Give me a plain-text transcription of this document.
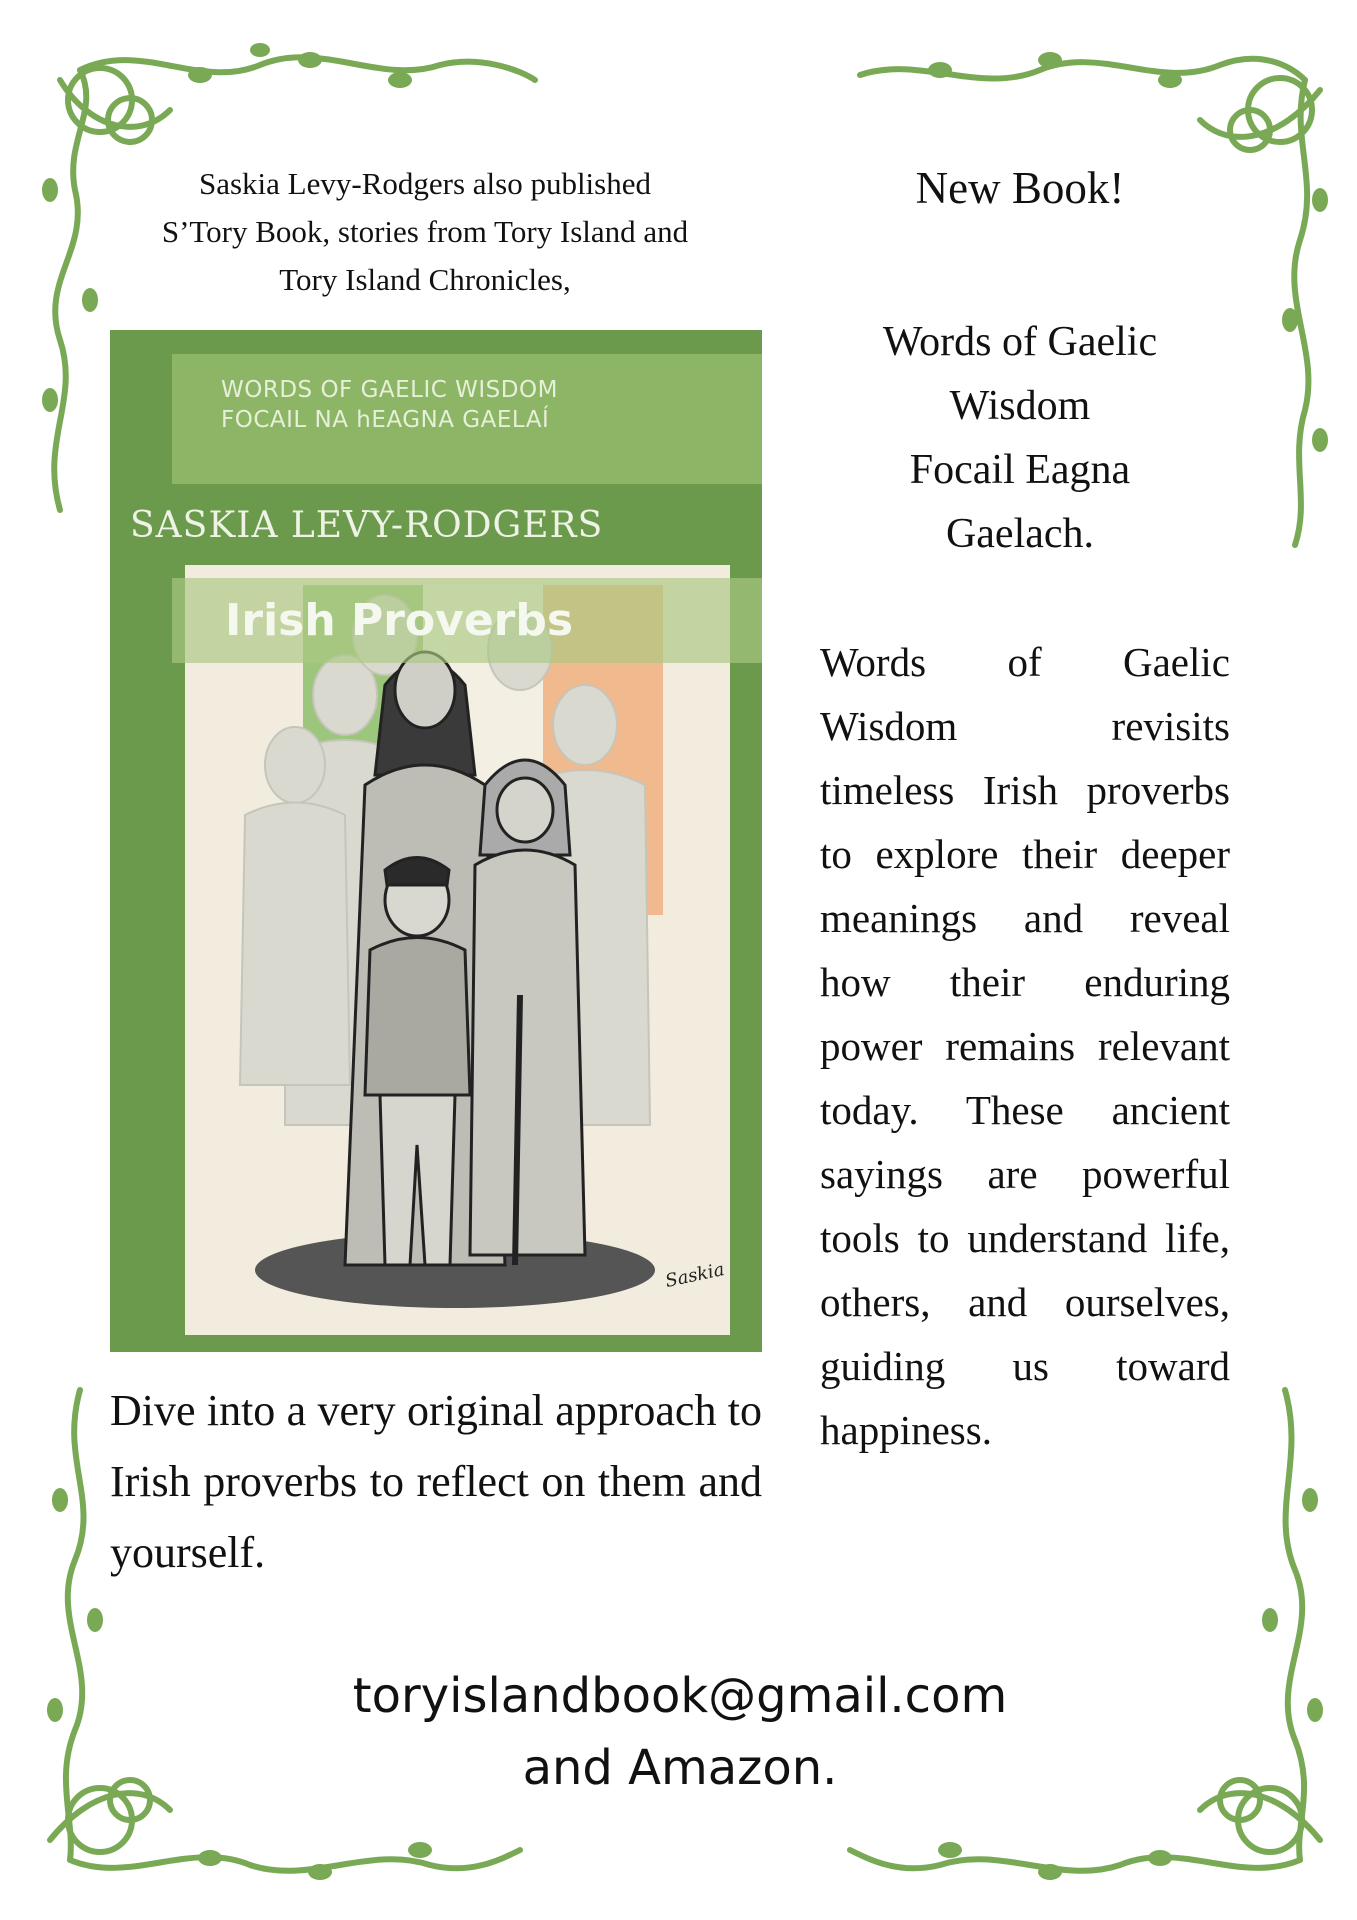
Saskia Levy-Rodgers also published
S’Tory Book, stories from Tory Island and
Tory Island Chronicles,
New Book!
Words of Gaelic
Wisdom
Focail Eagna
Gaelach.
Words of Gaelic Wisdom revisits timeless Irish proverbs to explore their deeper meanings and reveal how their enduring power remains relevant today. These ancient sayings are powerful tools to understand life, others, and ourselves, guiding us toward happiness.
WORDS OF GAELIC WISDOM
FOCAIL NA hEAGNA GAELAÍ
SASKIA LEVY-RODGERS
Irish Proverbs
Saskia
Dive into a very original approach to Irish proverbs to reflect on them and yourself.
toryislandbook@gmail.com
and Amazon.
